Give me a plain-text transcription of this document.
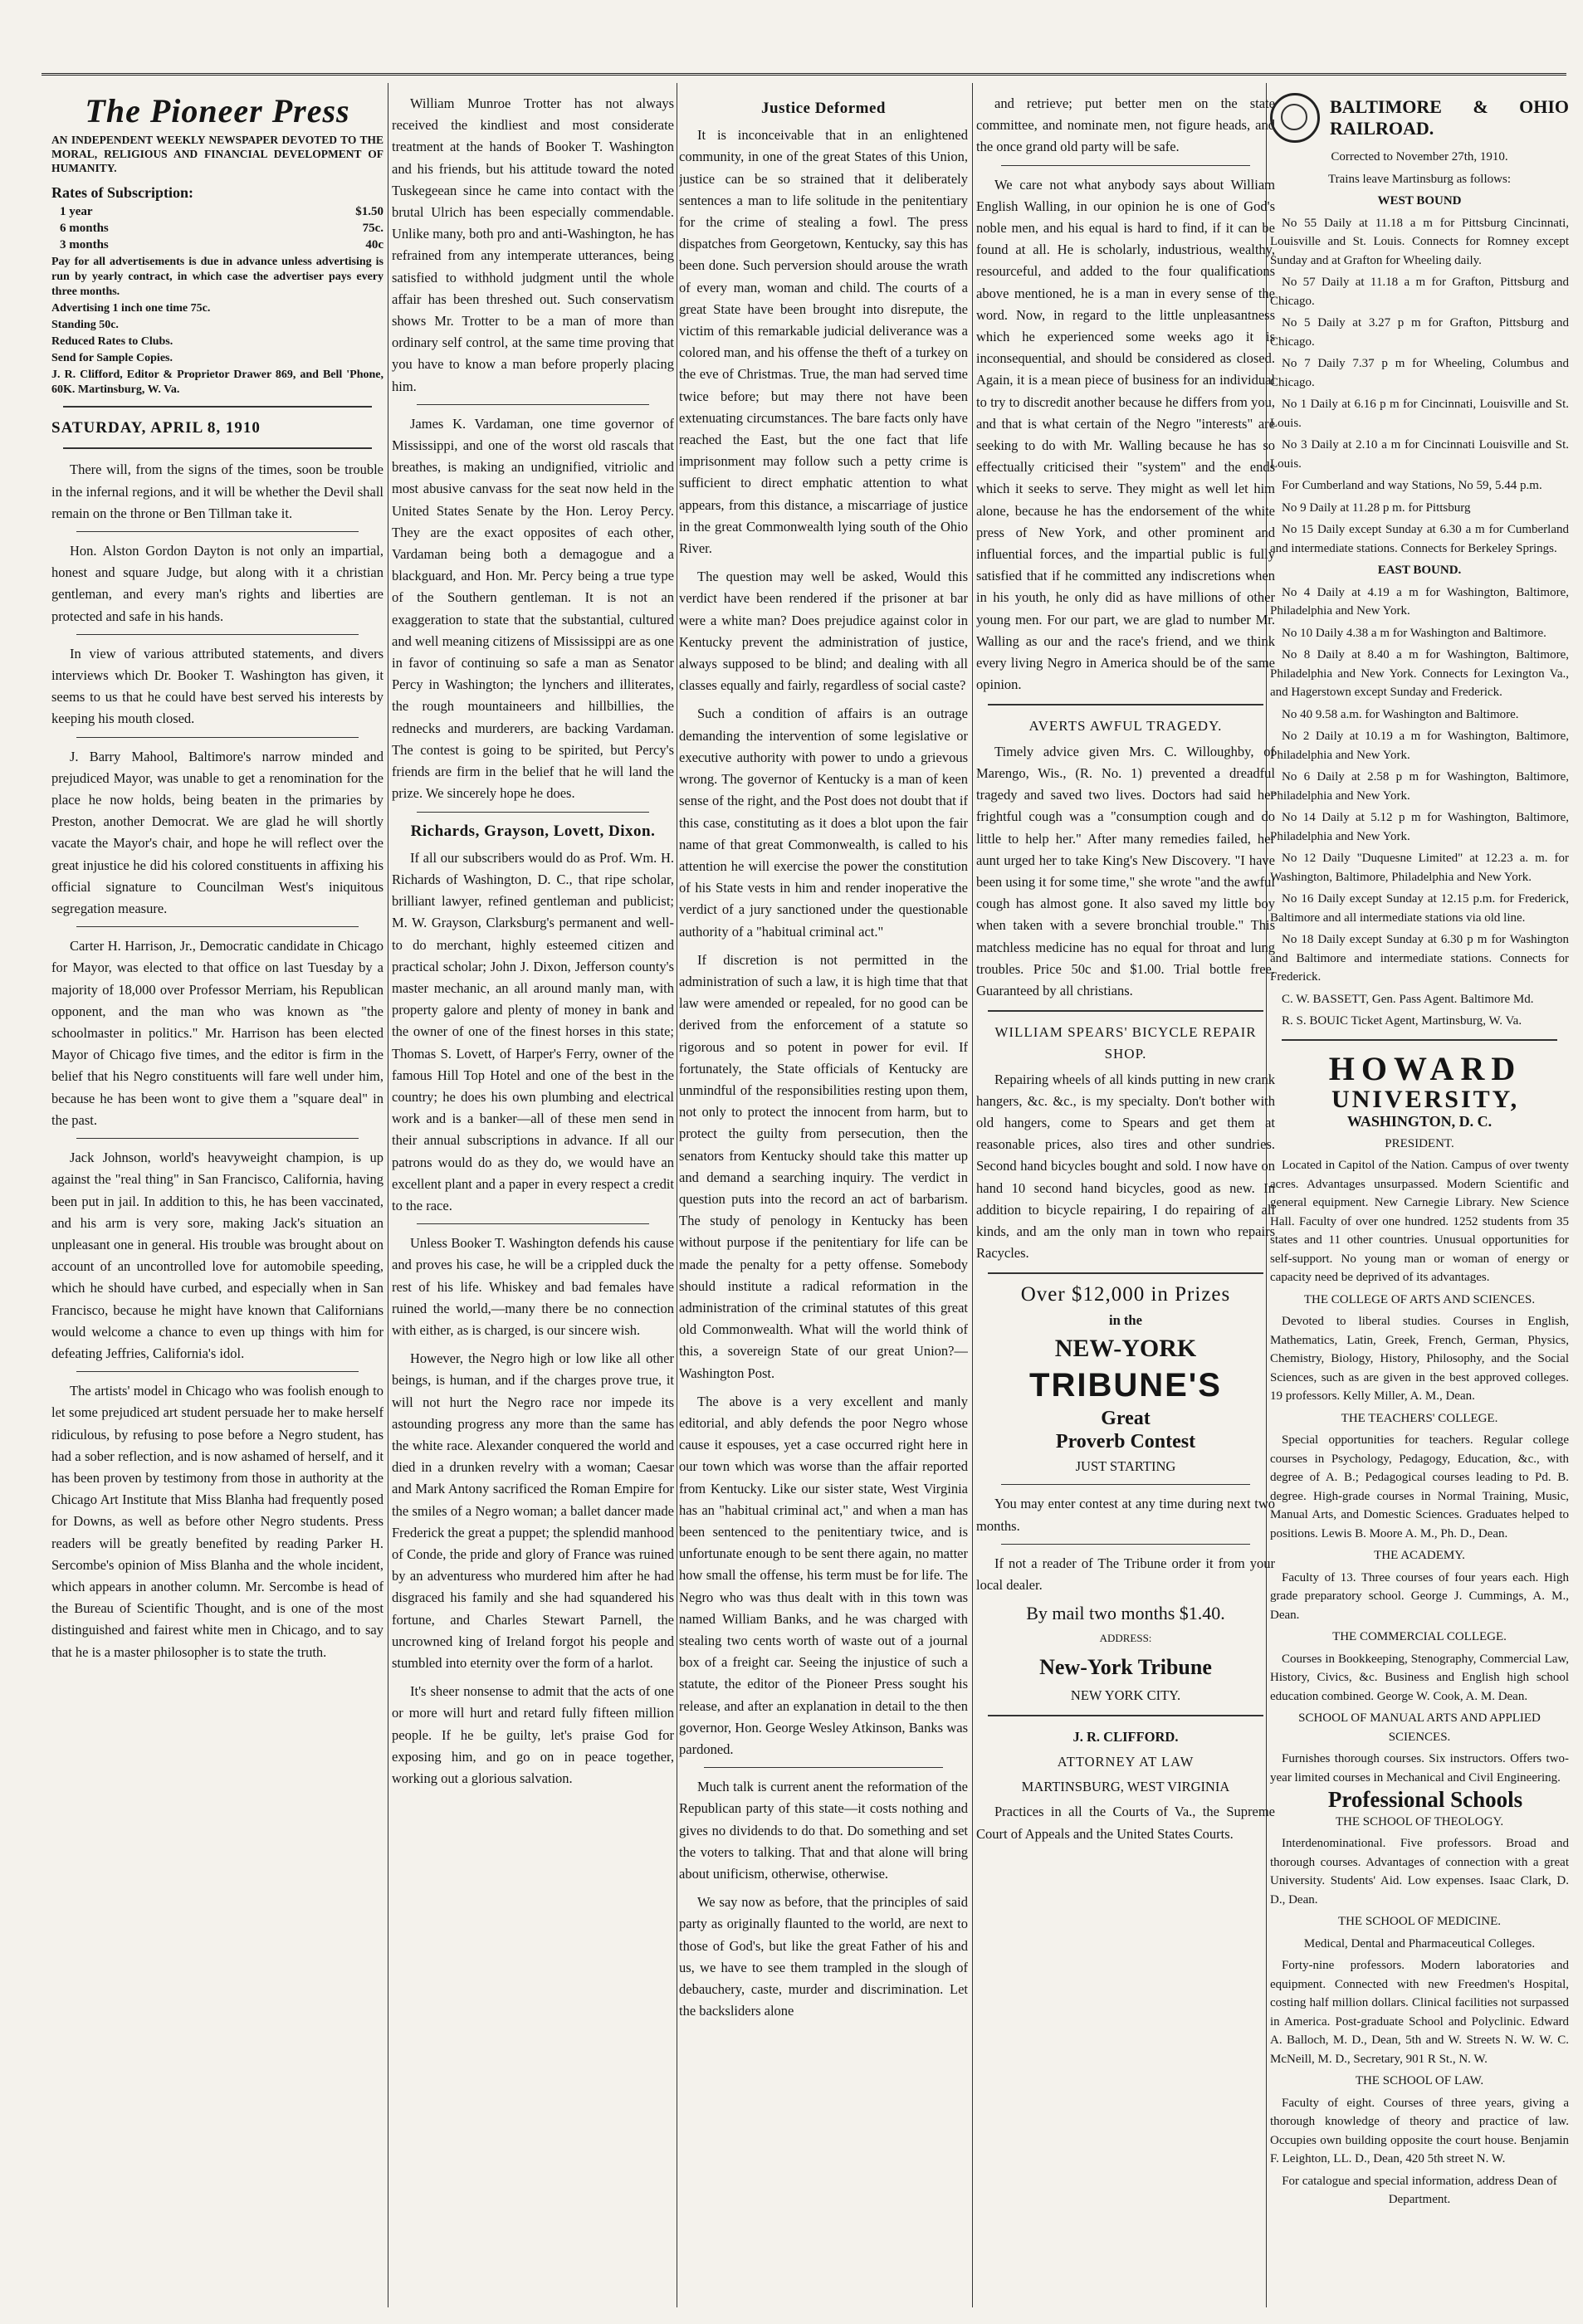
The Pioneer Press

AN INDEPENDENT WEEKLY NEWSPAPER DEVOTED TO THE MORAL, RELIGIOUS AND FINANCIAL DEVELOPMENT OF HUMANITY.

Rates of Subscription:

1 year	$1.50
6 months	75c.
3 months	40c

Pay for all advertisements is due in advance unless advertising is run by yearly contract, in which case the advertiser pays every three months.

Advertising 1 inch one time 75c.

Standing 50c.

Reduced Rates to Clubs.

Send for Sample Copies.

J. R. Clifford, Editor & Proprietor Drawer 869, and Bell 'Phone, 60K. Martinsburg, W. Va.

SATURDAY, APRIL 8, 1910

There will, from the signs of the times, soon be trouble in the infernal regions, and it will be whether the Devil shall remain on the throne or Ben Tillman take it.

Hon. Alston Gordon Dayton is not only an impartial, honest and square Judge, but along with it a christian gentleman, and every man's rights and liberties are protected and safe in his hands.

In view of various attributed statements, and divers interviews which Dr. Booker T. Washington has given, it seems to us that he could have best served his interests by keeping his mouth closed.

J. Barry Mahool, Baltimore's narrow minded and prejudiced Mayor, was unable to get a renomination for the place he now holds, being beaten in the primaries by Preston, another Democrat. We are glad he will shortly vacate the Mayor's chair, and hope he will reflect over the great injustice he did his colored constituents in affixing his official signature to Councilman West's iniquitous segregation measure.

Carter H. Harrison, Jr., Democratic candidate in Chicago for Mayor, was elected to that office on last Tuesday by a majority of 18,000 over Professor Merriam, his Republican opponent, and the man who was known as "the schoolmaster in politics." Mr. Harrison has been elected Mayor of Chicago five times, and the editor is firm in the belief that his Negro constituents will fare well under him, because he has been wont to give them a "square deal" in the past.

Jack Johnson, world's heavyweight champion, is up against the "real thing" in San Francisco, California, having been put in jail. In addition to this, he has been vaccinated, and his arm is very sore, making Jack's situation an unpleasant one in general. His trouble was brought about on account of an uncontrolled love for automobile speeding, which he should have curbed, and especially when in San Francisco, because he might have known that Californians would welcome a chance to even up things with him for defeating Jeffries, California's idol.

The artists' model in Chicago who was foolish enough to let some prejudiced art student persuade her to make herself ridiculous, by refusing to pose before a Negro student, has had a sober reflection, and is now ashamed of herself, and it has been proven by testimony from those in authority at the Chicago Art Institute that Miss Blanha had frequently posed for Downs, as well as before other Negro students. Press readers will be greatly benefited by reading Parker H. Sercombe's opinion of Miss Blanha and the whole incident, which appears in another column. Mr. Sercombe is head of the Bureau of Scientific Thought, and is one of the most distinguished and fairest white men in Chicago, and to say that he is a master philosopher is to state the truth.

William Munroe Trotter has not always received the kindliest and most considerate treatment at the hands of Booker T. Washington and his friends, but his attitude toward the noted Tuskegeean since he came into contact with the brutal Ulrich has been especially commendable. Unlike many, both pro and anti-Washington, he has refrained from any intemperate utterances, being satisfied to withhold judgment until the whole affair has been threshed out. Such conservatism shows Mr. Trotter to be a man of more than ordinary self control, at the same time proving that you have to know a man before properly placing him.

James K. Vardaman, one time governor of Mississippi, and one of the worst old rascals that breathes, is making an undignified, vitriolic and most abusive canvass for the seat now held in the United States Senate by the Hon. Leroy Percy. They are the exact opposites of each other, Vardaman being both a demagogue and a blackguard, and Hon. Mr. Percy being a true type of the Southern gentleman. It is not an exaggeration to state that the substantial, cultured and well meaning citizens of Mississippi are as one in favor of continuing so safe a man as Senator Percy in Washington; the lynchers and illiterates, the rough mountaineers and hillbillies, the rednecks and murderers, are backing Vardaman. The contest is going to be spirited, but Percy's friends are firm in the belief that he will land the prize. We sincerely hope he does.

Richards, Grayson, Lovett, Dixon.

If all our subscribers would do as Prof. Wm. H. Richards of Washington, D. C., that ripe scholar, brilliant lawyer, refined gentleman and publicist; M. W. Grayson, Clarksburg's permanent and well-to do merchant, highly esteemed citizen and practical scholar; John J. Dixon, Jefferson county's master mechanic, an all around manly man, with property galore and plenty of money in bank and the owner of one of the finest horses in this state; Thomas S. Lovett, of Harper's Ferry, owner of the famous Hill Top Hotel and one of the best in the country; he does his own plumbing and electrical work and is a banker—all of these men send in their annual subscriptions in advance. If all our patrons would do as they do, we would have an excellent plant and a paper in every respect a credit to the race.

Unless Booker T. Washington defends his cause and proves his case, he will be a crippled duck the rest of his life. Whiskey and bad females have ruined the world,—many there be no connection with either, as is charged, is our sincere wish.

However, the Negro high or low like all other beings, is human, and if the charges prove true, it will not hurt the Negro race nor impede its astounding progress any more than the same has the white race. Alexander conquered the world and died in a drunken revelry with a woman; Caesar and Mark Antony sacrificed the Roman Empire for the smiles of a Negro woman; a ballet dancer made Frederick the great a puppet; the splendid manhood of Conde, the pride and glory of France was ruined by an adventuress who murdered him after he had disgraced his family and she had squandered his fortune, and Charles Stewart Parnell, the uncrowned king of Ireland forgot his people and stumbled into eternity over the form of a harlot.

It's sheer nonsense to admit that the acts of one or more will hurt and retard fully fifteen million people. If he be guilty, let's praise God for exposing him, and go on in peace together, working out a glorious salvation.

Justice Deformed

It is inconceivable that in an enlightened community, in one of the great States of this Union, justice can be so strained that it deliberately sentences a man to life solitude in the penitentiary for the crime of stealing a fowl. The press dispatches from Georgetown, Kentucky, say this has been done. Such perversion should arouse the wrath of every man, woman and child. The courts of a great State have been brought into disrepute, the victim of this remarkable judicial deliverance was a colored man, and his offense the theft of a turkey on the eve of Christmas. True, the man had served time twice before; but may there not have been extenuating circumstances. The bare facts only have reached the East, but the one fact that life imprisonment may follow such a petty crime is sufficient to direct emphatic attention to what appears, from this distance, a miscarriage of justice in the great Commonwealth lying south of the Ohio River.

The question may well be asked, Would this verdict have been rendered if the prisoner at bar were a white man? Does prejudice against color in Kentucky prevent the administration of justice, always supposed to be blind; and dealing with all classes equally and fairly, regardless of social caste?

Such a condition of affairs is an outrage demanding the intervention of some legislative or executive authority with power to undo a grievous wrong. The governor of Kentucky is a man of keen sense of the right, and the Post does not doubt that if this case, constituting as it does a blot upon the fair name of that great Commonwealth, is called to his attention he will exercise the power the constitution of his State vests in him and render inoperative the verdict of a jury sanctioned under the questionable authority of a "habitual criminal act."

If discretion is not permitted in the administration of such a law, it is high time that that law were amended or repealed, for no good can be derived from the enforcement of a statute so rigorous and so potent in power for evil. If fortunately, the State officials of Kentucky are unmindful of the responsibilities resting upon them, not only to protect the innocent from harm, but to protect the guilty from persecution, then the senators from Kentucky should take this matter up and demand a searching inquiry. The verdict in question puts into the record an act of barbarism. The study of penology in Kentucky has been without purpose if the penitentiary for life can be made the penalty for a petty offense. Somebody should institute a radical reformation in the administration of the criminal statutes of this great old Commonwealth. What will the world think of this, a sovereign State of our great Union?—Washington Post.

The above is a very excellent and manly editorial, and ably defends the poor Negro whose cause it espouses, yet a case occurred right here in our town which was worse than the affair reported from Kentucky. Like our sister state, West Virginia has an "habitual criminal act," and when a man has been sentenced to the penitentiary twice, and is unfortunate enough to be sent there again, no matter how small the offense, his term must be for life. The Negro who was thus dealt with in this town was named William Banks, and he was charged with stealing two cents worth of waste out of a journal box of a freight car. Seeing the injustice of such a statute, the editor of the Pioneer Press sought his release, and after an explanation in detail to the then governor, Hon. George Wesley Atkinson, Banks was pardoned.

Much talk is current anent the reformation of the Republican party of this state—it costs nothing and gives no dividends to do that. Do something and set the voters to talking. That and that alone will bring about unificism, otherwise, otherwise.

We say now as before, that the principles of said party as originally flaunted to the world, are next to those of God's, but like the great Father of his and us, we have to see them trampled in the slough of debauchery, caste, murder and discrimination. Let the backsliders alone

and retrieve; put better men on the state committee, and nominate men, not figure heads, and the once grand old party will be safe.

We care not what anybody says about William English Walling, in our opinion he is one of God's noble men, and his equal is hard to find, if it can be found at all. He is scholarly, industrious, wealthy, resourceful, and added to the four qualifications above mentioned, he is a man in every sense of the word. Now, in regard to the little unpleasantness which he experienced some weeks ago it is inconsequential, and should be considered as closed. Again, it is a mean piece of business for an individual to try to discredit another because he differs from you, and that is what certain of the Negro "interests" are seeking to do with Mr. Walling because he has so effectually criticised their "system" and the ends which it seeks to serve. They might as well let him alone, because he has the endorsement of the white press of New York, and other prominent and influential forces, and the impartial public is fully satisfied that if he committed any indiscretions when in his youth, he only did as have millions of other young men. For our part, we are glad to number Mr. Walling as our and the race's friend, and we think every living Negro in America should be of the same opinion.

AVERTS AWFUL TRAGEDY.

Timely advice given Mrs. C. Willoughby, of Marengo, Wis., (R. No. 1) prevented a dreadful tragedy and saved two lives. Doctors had said her frightful cough was a "consumption cough and do little to help her." After many remedies failed, her aunt urged her to take King's New Discovery. "I have been using it for some time," she wrote "and the awful cough has almost gone. It also saved my little boy when taken with a severe bronchial trouble." This matchless medicine has no equal for throat and lung troubles. Price 50c and $1.00. Trial bottle free. Guaranteed by all christians.

WILLIAM SPEARS' BICYCLE REPAIR SHOP.

Repairing wheels of all kinds putting in new crank hangers, &c. &c., is my specialty. Don't bother with old hangers, come to Spears and get them at reasonable prices, also tires and other sundries. Second hand bicycles bought and sold. I now have on hand 10 second hand bicycles, good as new. In addition to bicycle repairing, I do repairing of all kinds, and am the only man in town who repairs Racycles.

Over $12,000 in Prizes

in the

NEW-YORK

TRIBUNE'S

Great

Proverb Contest

JUST STARTING

You may enter contest at any time during next two months.

If not a reader of The Tribune order it from your local dealer.

By mail two months $1.40.

ADDRESS:

New-York Tribune

NEW YORK CITY.

J. R. CLIFFORD.

ATTORNEY AT LAW

MARTINSBURG, WEST VIRGINIA

Practices in all the Courts of Va., the Supreme Court of Appeals and the United States Courts.

BALTIMORE & OHIO RAILROAD.

Corrected to November 27th, 1910.

Trains leave Martinsburg as follows:

WEST BOUND

No 55 Daily at 11.18 a m for Pittsburg Cincinnati, Louisville and St. Louis. Connects for Romney except Sunday and at Grafton for Wheeling daily.

No 57 Daily at 11.18 a m for Grafton, Pittsburg and Chicago.

No 5 Daily at 3.27 p m for Grafton, Pittsburg and Chicago.

No 7 Daily 7.37 p m for Wheeling, Columbus and Chicago.

No 1 Daily at 6.16 p m for Cincinnati, Louisville and St. Louis.

No 3 Daily at 2.10 a m for Cincinnati Louisville and St. Louis.

For Cumberland and way Stations, No 59, 5.44 p.m.

No 9 Daily at 11.28 p m. for Pittsburg

No 15 Daily except Sunday at 6.30 a m for Cumberland and intermediate stations. Connects for Berkeley Springs.

EAST BOUND.

No 4 Daily at 4.19 a m for Washington, Baltimore, Philadelphia and New York.

No 10 Daily 4.38 a m for Washington and Baltimore.

No 8 Daily at 8.40 a m for Washington, Baltimore, Philadelphia and New York. Connects for Lexington Va., and Hagerstown except Sunday and Frederick.

No 40 9.58 a.m. for Washington and Baltimore.

No 2 Daily at 10.19 a m for Washington, Baltimore, Philadelphia and New York.

No 6 Daily at 2.58 p m for Washington, Baltimore, Philadelphia and New York.

No 14 Daily at 5.12 p m for Washington, Baltimore, Philadelphia and New York.

No 12 Daily "Duquesne Limited" at 12.23 a. m. for Washington, Baltimore, Philadelphia and New York.

No 16 Daily except Sunday at 12.15 p.m. for Frederick, Baltimore and all intermediate stations via old line.

No 18 Daily except Sunday at 6.30 p m for Washington and Baltimore and intermediate stations. Connects for Frederick.

C. W. BASSETT, Gen. Pass Agent. Baltimore Md.

R. S. BOUIC Ticket Agent, Martinsburg, W. Va.

HOWARD

UNIVERSITY,

WASHINGTON, D. C.

PRESIDENT.

Located in Capitol of the Nation. Campus of over twenty acres. Advantages unsurpassed. Modern Scientific and general equipment. New Carnegie Library. New Science Hall. Faculty of over one hundred. 1252 students from 35 states and 11 other countries. Unusual opportunities for self-support. No young man or woman of energy or capacity need be deprived of its advantages.

THE COLLEGE OF ARTS AND SCIENCES.

Devoted to liberal studies. Courses in English, Mathematics, Latin, Greek, French, German, Physics, Chemistry, Biology, History, Philosophy, and the Social Sciences, such as are given in the best approved colleges. 19 professors. Kelly Miller, A. M., Dean.

THE TEACHERS' COLLEGE.

Special opportunities for teachers. Regular college courses in Psychology, Pedagogy, Education, &c., with degree of A. B.; Pedagogical courses leading to Pd. B. degree. High-grade courses in Normal Training, Music, Manual Arts, and Domestic Sciences. Graduates helped to positions. Lewis B. Moore A. M., Ph. D., Dean.

THE ACADEMY.

Faculty of 13. Three courses of four years each. High grade preparatory school. George J. Cummings, A. M., Dean.

THE COMMERCIAL COLLEGE.

Courses in Bookkeeping, Stenography, Commercial Law, History, Civics, &c. Business and English high school education combined. George W. Cook, A. M. Dean.

SCHOOL OF MANUAL ARTS AND APPLIED SCIENCES.

Furnishes thorough courses. Six instructors. Offers two-year limited courses in Mechanical and Civil Engineering.

Professional Schools

THE SCHOOL OF THEOLOGY.

Interdenominational. Five professors. Broad and thorough courses. Advantages of connection with a great University. Students' Aid. Low expenses. Isaac Clark, D. D., Dean.

THE SCHOOL OF MEDICINE.

Medical, Dental and Pharmaceutical Colleges.

Forty-nine professors. Modern laboratories and equipment. Connected with new Freedmen's Hospital, costing half million dollars. Clinical facilities not surpassed in America. Post-graduate School and Polyclinic. Edward A. Balloch, M. D., Dean, 5th and W. Streets N. W. W. C. McNeill, M. D., Secretary, 901 R St., N. W.

THE SCHOOL OF LAW.

Faculty of eight. Courses of three years, giving a thorough knowledge of theory and practice of law. Occupies own building opposite the court house. Benjamin F. Leighton, LL. D., Dean, 420 5th street N. W.

For catalogue and special information, address Dean of Department.
